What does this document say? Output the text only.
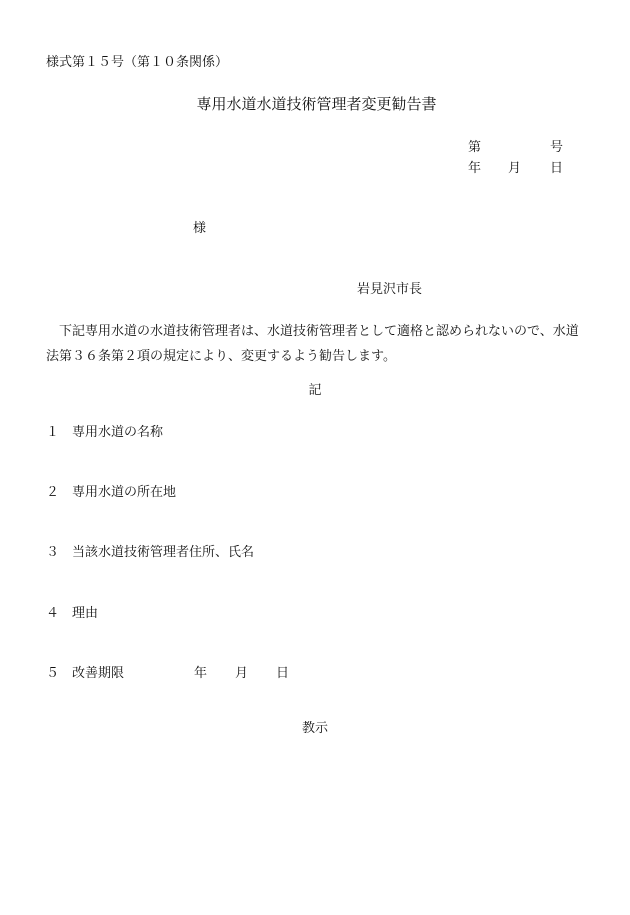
様式第１５号（第１０条関係）
専用水道水道技術管理者変更勧告書
第	号
年 月 日
様
岩見沢市長
下記専用水道の水道技術管理者は、水道技術管理者として適格と認められないので、水道法第３６条第２項の規定により、変更するよう勧告します。
記
１ 専用水道の名称
２ 専用水道の所在地
３ 当該水道技術管理者住所、氏名
４ 理由
５ 改善期限	年 月 日
教示
